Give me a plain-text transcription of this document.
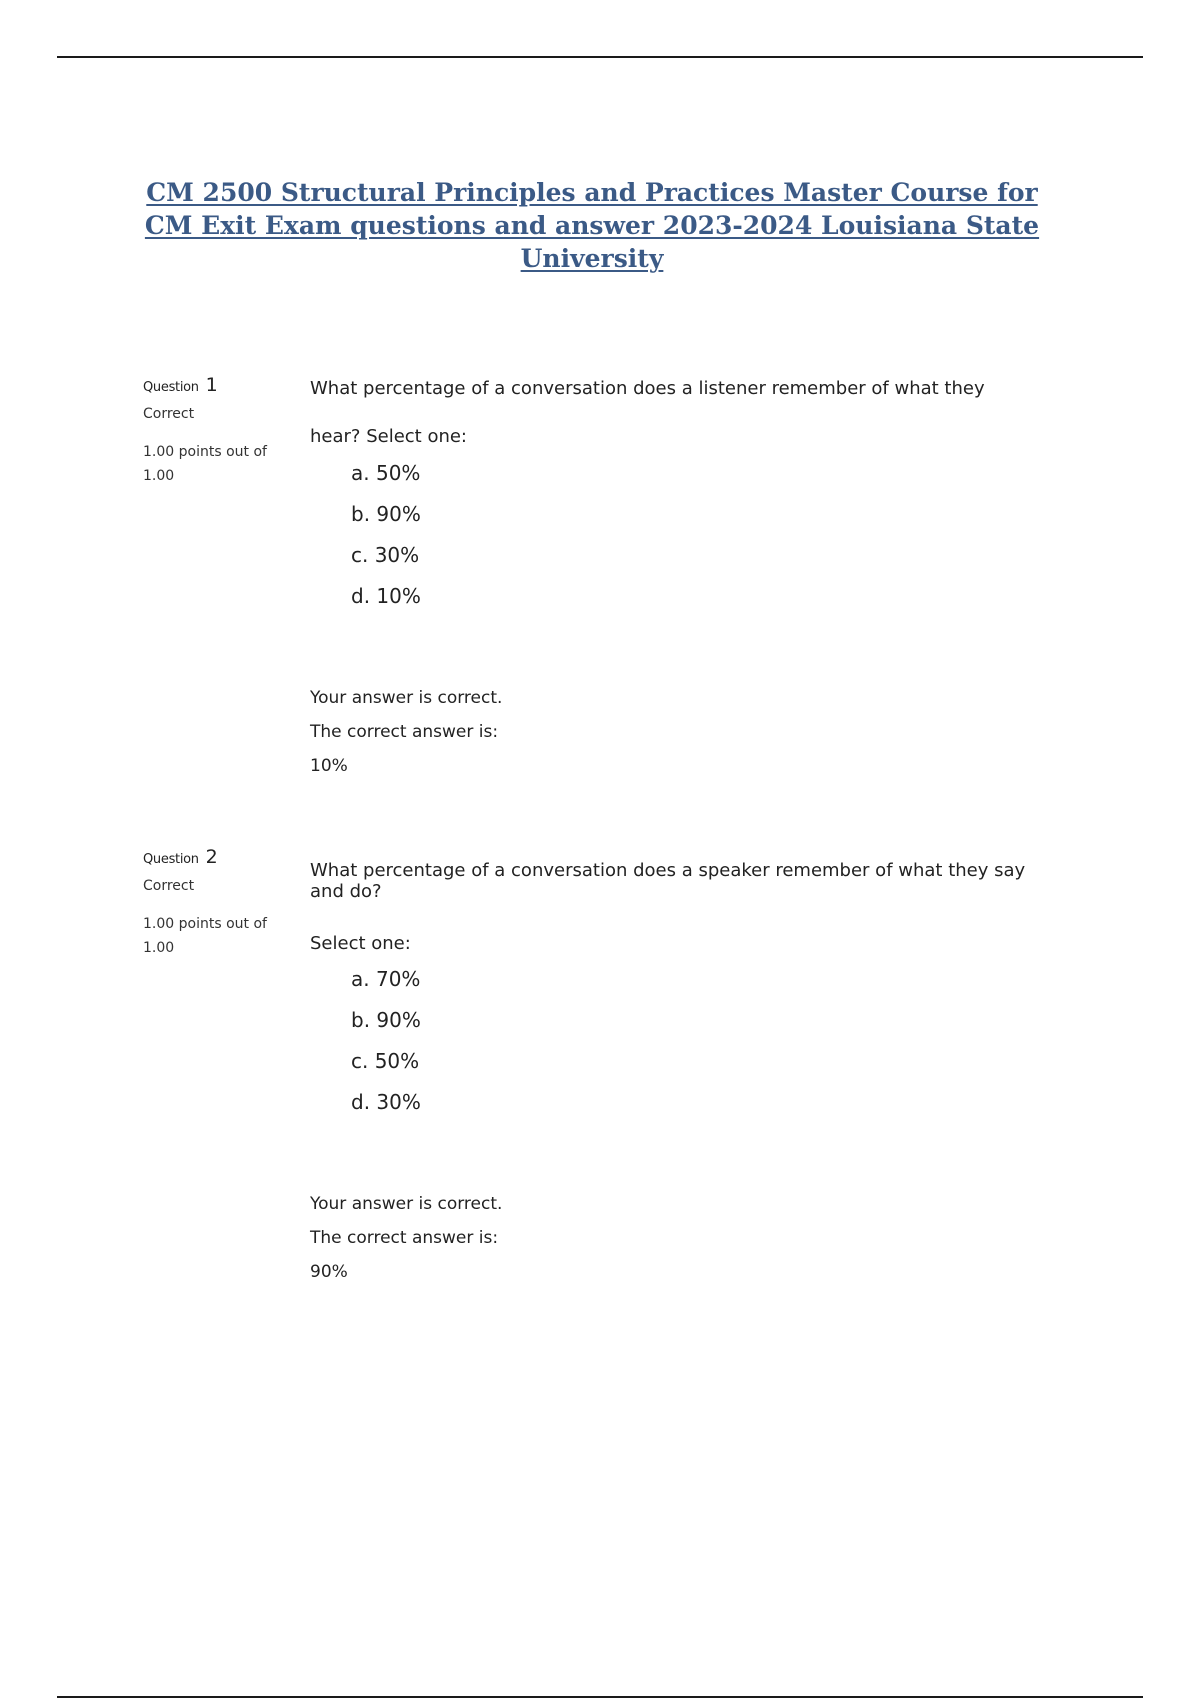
CM 2500 Structural Principles and Practices Master Course for CM Exit Exam questions and answer 2023-2024 Louisiana State University
Question 1
Correct
1.00 points out of 1.00
What percentage of a conversation does a listener remember of what they
hear? Select one:
a. 50%
b. 90%
c. 30%
d. 10%
Your answer is correct.
The correct answer is:
10%
Question 2
Correct
1.00 points out of 1.00
What percentage of a conversation does a speaker remember of what they say and do?
Select one:
a. 70%
b. 90%
c. 50%
d. 30%
Your answer is correct.
The correct answer is:
90%
